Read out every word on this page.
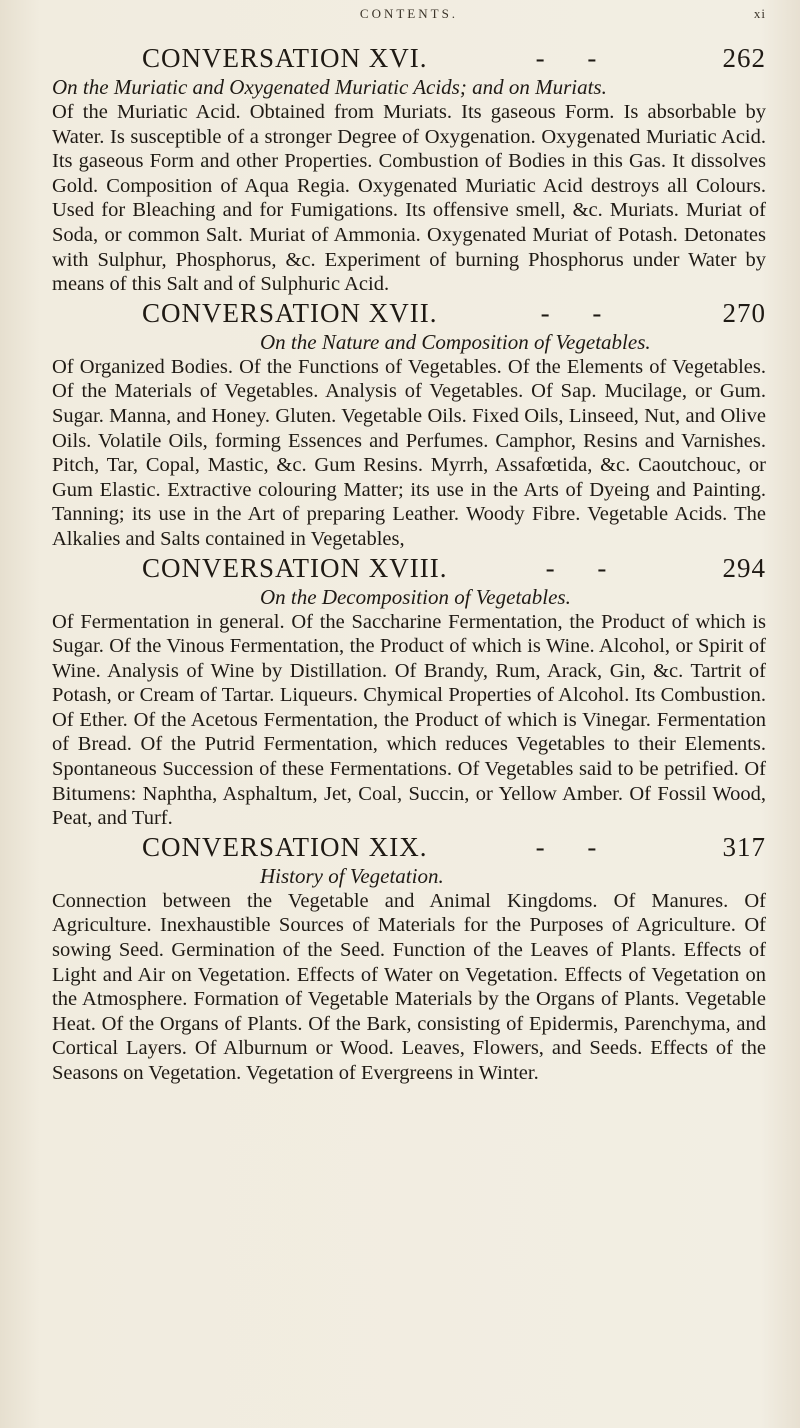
CONTENTS.	xi
CONVERSATION XVI.	- -	262

On the Muriatic and Oxygenated Muriatic Acids; and on Muriats.

Of the Muriatic Acid. Obtained from Muriats. Its gaseous Form. Is absorbable by Water. Is susceptible of a stronger Degree of Oxygenation. Oxygenated Muriatic Acid. Its gaseous Form and other Properties. Combustion of Bodies in this Gas. It dissolves Gold. Composition of Aqua Regia. Oxygenated Muriatic Acid destroys all Colours. Used for Bleaching and for Fumigations. Its offensive smell, &c. Muriats. Muriat of Soda, or common Salt. Muriat of Ammonia. Oxygenated Muriat of Potash. Detonates with Sulphur, Phosphorus, &c. Experiment of burning Phosphorus under Water by means of this Salt and of Sulphuric Acid.

CONVERSATION XVII.	- -	270

On the Nature and Composition of Vegetables.

Of Organized Bodies. Of the Functions of Vegetables. Of the Elements of Vegetables. Of the Materials of Vegetables. Analysis of Vegetables. Of Sap. Mucilage, or Gum. Sugar. Manna, and Honey. Gluten. Vegetable Oils. Fixed Oils, Linseed, Nut, and Olive Oils. Volatile Oils, forming Essences and Perfumes. Camphor, Resins and Varnishes. Pitch, Tar, Copal, Mastic, &c. Gum Resins. Myrrh, Assafœtida, &c. Caoutchouc, or Gum Elastic. Extractive colouring Matter; its use in the Arts of Dyeing and Painting. Tanning; its use in the Art of preparing Leather. Woody Fibre. Vegetable Acids. The Alkalies and Salts contained in Vegetables,

CONVERSATION XVIII.	- -	294

On the Decomposition of Vegetables.

Of Fermentation in general. Of the Saccharine Fermentation, the Product of which is Sugar. Of the Vinous Fermentation, the Product of which is Wine. Alcohol, or Spirit of Wine. Analysis of Wine by Distillation. Of Brandy, Rum, Arack, Gin, &c. Tartrit of Potash, or Cream of Tartar. Liqueurs. Chymical Properties of Alcohol. Its Combustion. Of Ether. Of the Acetous Fermentation, the Product of which is Vinegar. Fermentation of Bread. Of the Putrid Fermentation, which reduces Vegetables to their Elements. Spontaneous Succession of these Fermentations. Of Vegetables said to be petrified. Of Bitumens: Naphtha, Asphaltum, Jet, Coal, Succin, or Yellow Amber. Of Fossil Wood, Peat, and Turf.

CONVERSATION XIX.	- -	317

History of Vegetation.

Connection between the Vegetable and Animal Kingdoms. Of Manures. Of Agriculture. Inexhaustible Sources of Materials for the Purposes of Agriculture. Of sowing Seed. Germination of the Seed. Function of the Leaves of Plants. Effects of Light and Air on Vegetation. Effects of Water on Vegetation. Effects of Vegetation on the Atmosphere. Formation of Vegetable Materials by the Organs of Plants. Vegetable Heat. Of the Organs of Plants. Of the Bark, consisting of Epidermis, Parenchyma, and Cortical Layers. Of Alburnum or Wood. Leaves, Flowers, and Seeds. Effects of the Seasons on Vegetation. Vegetation of Evergreens in Winter.
